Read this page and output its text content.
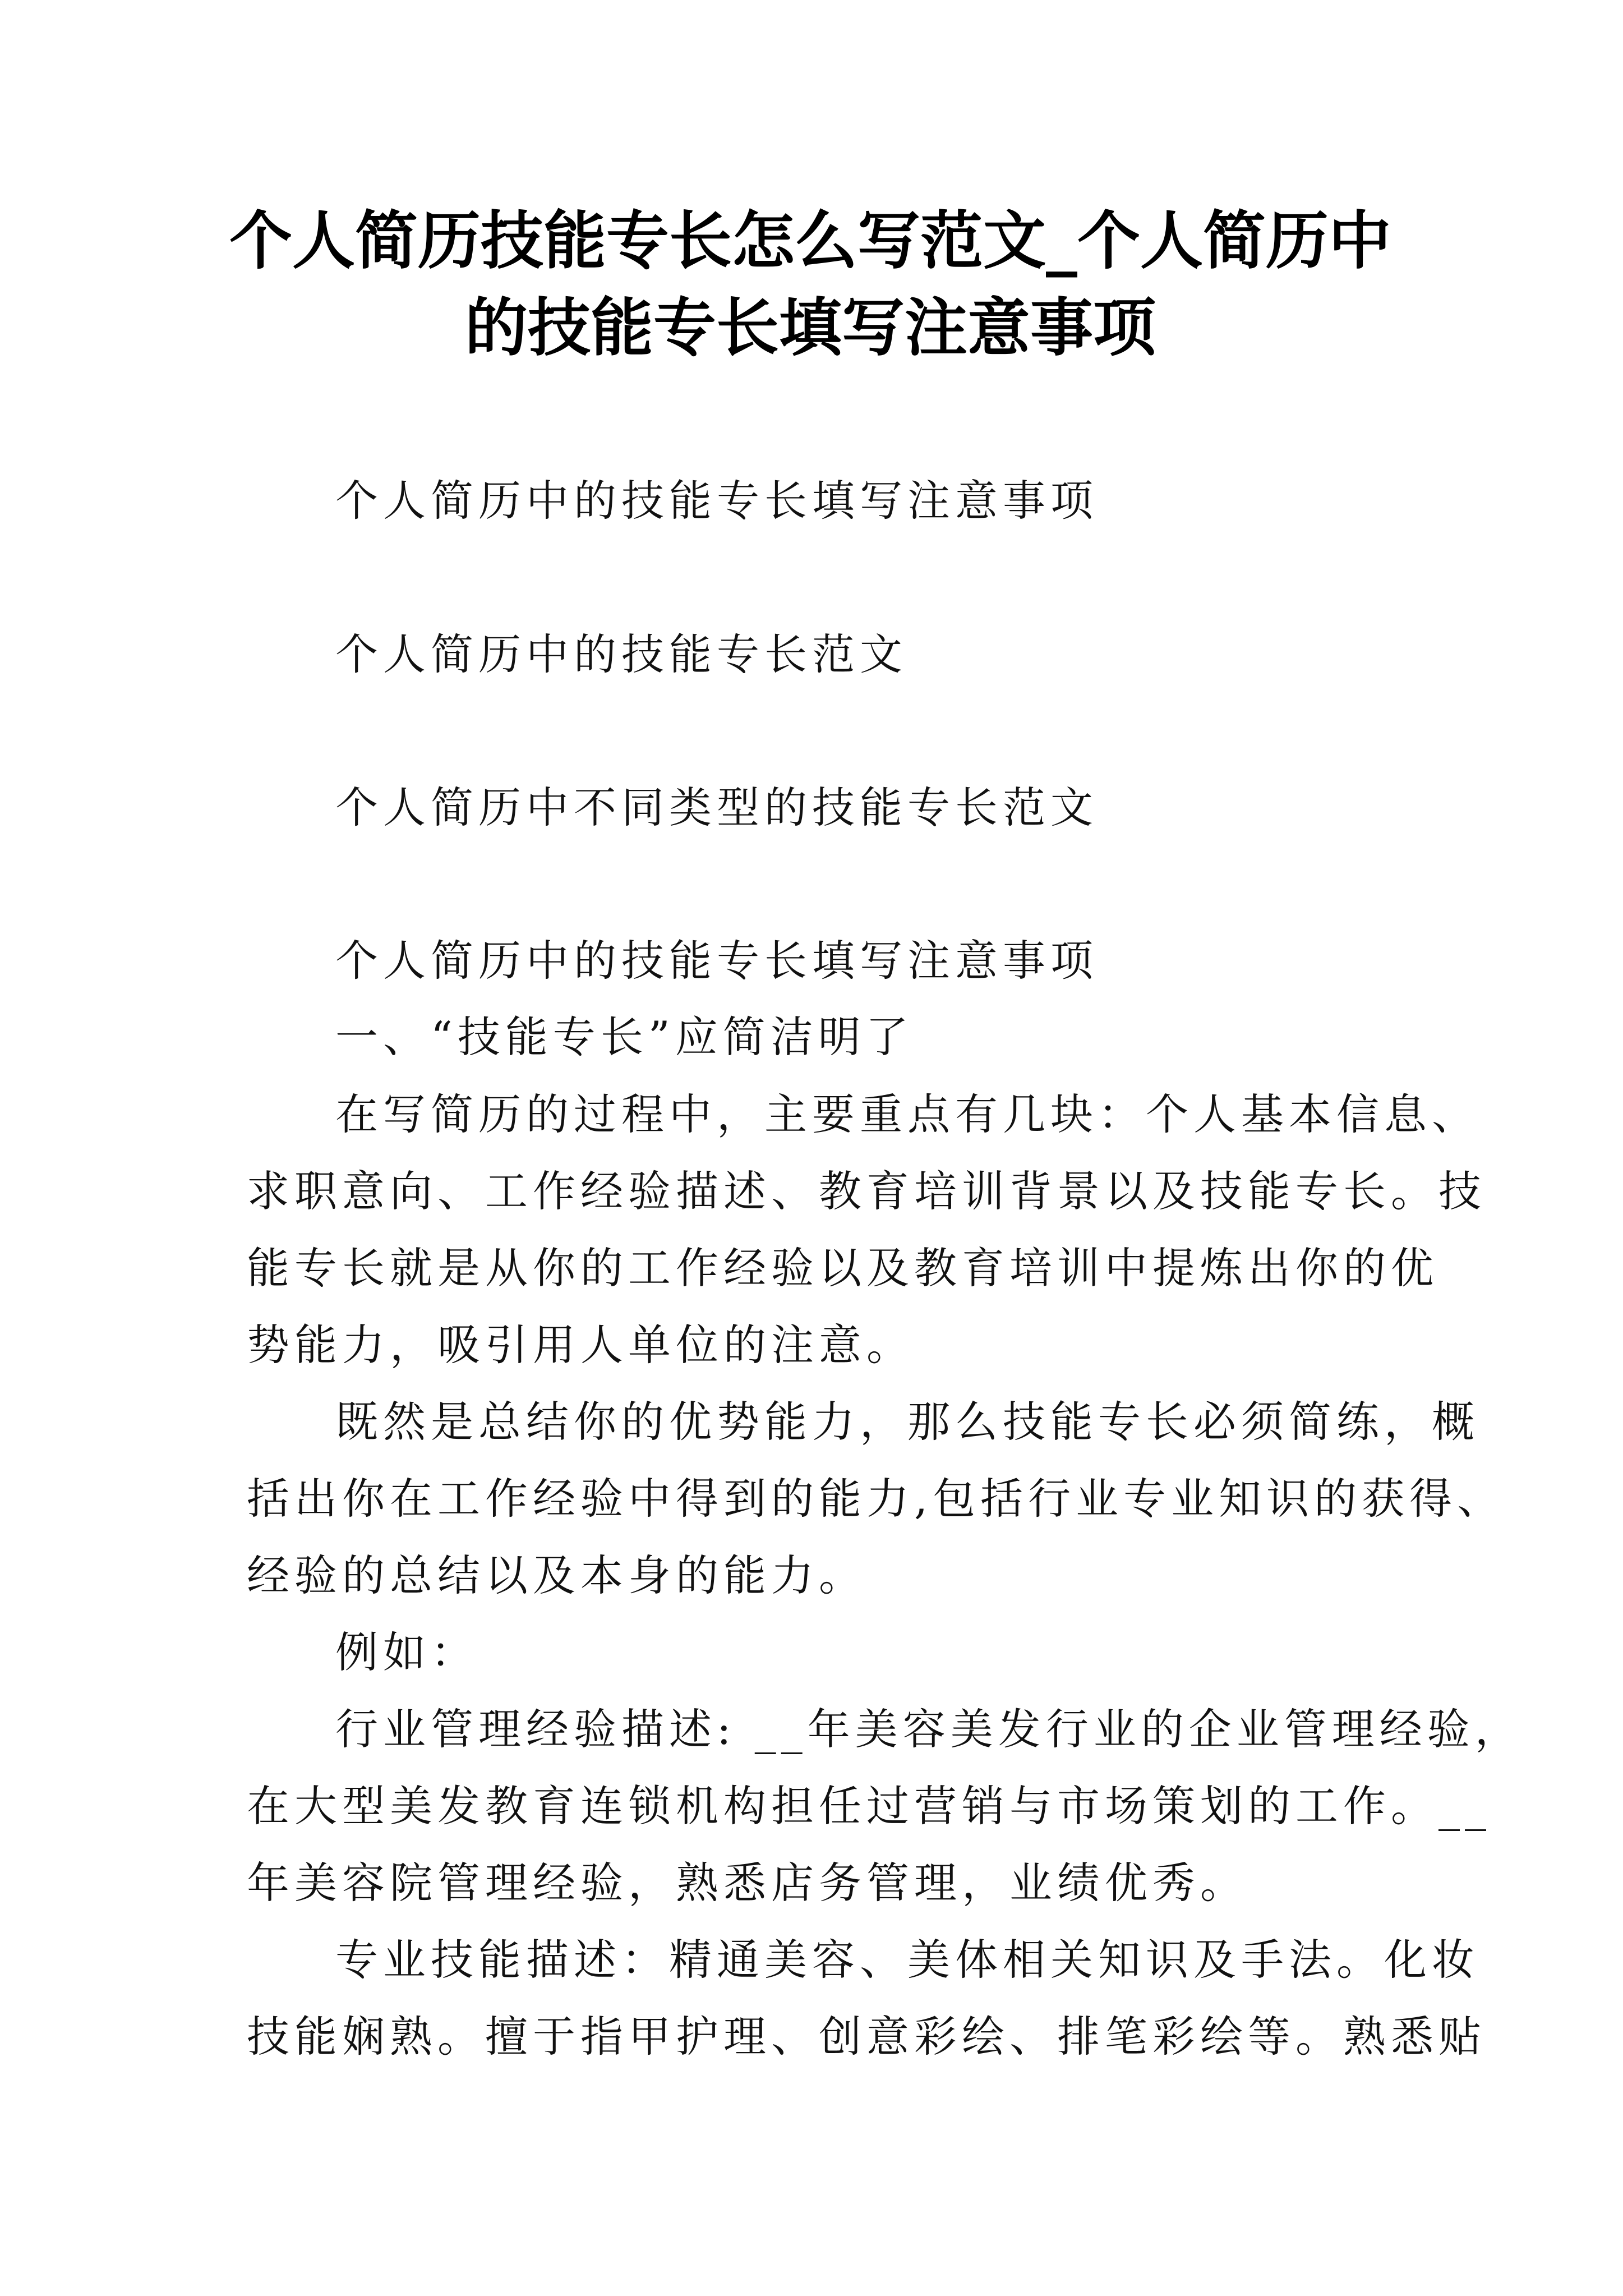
个人简历技能专长怎么写范文_个人简历中
的技能专长填写注意事项
个人简历中的技能专长填写注意事项
个人简历中的技能专长范文
个人简历中不同类型的技能专长范文
个人简历中的技能专长填写注意事项
一、“技能专长”应简洁明了
在写简历的过程中，主要重点有几块：个人基本信息、
求职意向、工作经验描述、教育培训背景以及技能专长。技
能专长就是从你的工作经验以及教育培训中提炼出你的优
势能力，吸引用人单位的注意。
既然是总结你的优势能力，那么技能专长必须简练，概
括出你在工作经验中得到的能力,包括行业专业知识的获得、
经验的总结以及本身的能力。
例如：
行业管理经验描述: __年美容美发行业的企业管理经验，
在大型美发教育连锁机构担任过营销与市场策划的工作。__
年美容院管理经验，熟悉店务管理，业绩优秀。
专业技能描述：精通美容、美体相关知识及手法。化妆
技能娴熟。擅于指甲护理、创意彩绘、排笔彩绘等。熟悉贴
